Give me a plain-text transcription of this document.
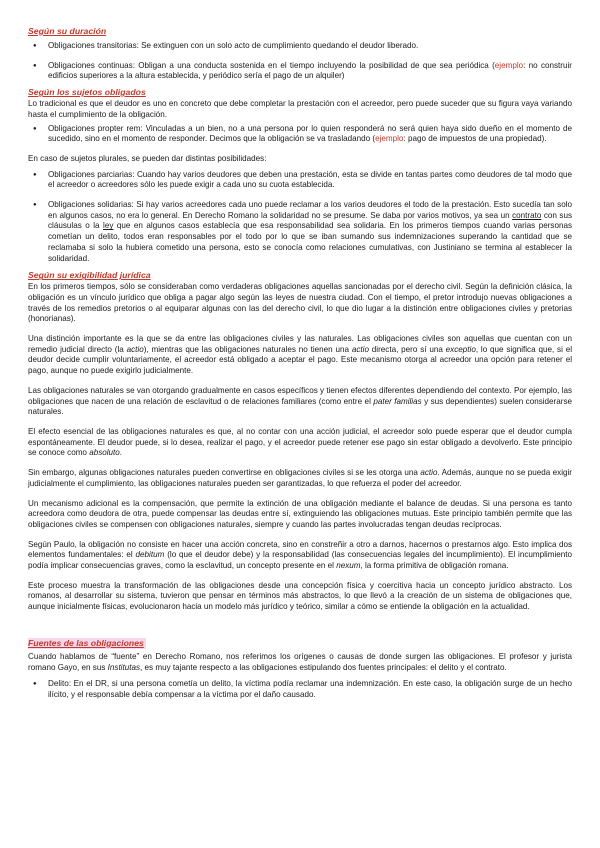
Según su duración
● Obligaciones transitorias: Se extinguen con un solo acto de cumplimiento quedando el deudor liberado.
● Obligaciones continuas: Obligan a una conducta sostenida en el tiempo incluyendo la posibilidad de que sea periódica (ejemplo: no construir edificios superiores a la altura establecida, y periódico sería el pago de un alquiler)
Según los sujetos obligados

Lo tradicional es que el deudor es uno en concreto que debe completar la prestación con el acreedor, pero puede suceder que su figura vaya variando hasta el cumplimiento de la obligación.

● Obligaciones propter rem: Vinculadas a un bien, no a una persona por lo quien responderá no será quien haya sido dueño en el momento de sucedido, sino en el momento de responder. Decimos que la obligación se va trasladando (ejemplo: pago de impuestos de una propiedad).

En caso de sujetos plurales, se pueden dar distintas posibilidades:

● Obligaciones parciarias: Cuando hay varios deudores que deben una prestación, esta se divide en tantas partes como deudores de tal modo que el acreedor o acreedores sólo les puede exigir a cada uno su cuota establecida.
● Obligaciones solidarias: Si hay varios acreedores cada uno puede reclamar a los varios deudores el todo de la prestación. Esto sucedía tan solo en algunos casos, no era lo general. En Derecho Romano la solidaridad no se presume. Se daba por varios motivos, ya sea un contrato con sus cláusulas o la ley que en algunos casos establecía que esa responsabilidad sea solidaria. En los primeros tiempos cuando varias personas cometían un delito, todos eran responsables por el todo por lo que se iban sumando sus indemnizaciones superando la cantidad que se reclamaba si solo la hubiera cometido una persona, esto se conocía como relaciones cumulativas, con Justiniano se termina al establecer la solidaridad.
Según su exigibilidad jurídica

En los primeros tiempos, sólo se consideraban como verdaderas obligaciones aquellas sancionadas por el derecho civil. Según la definición clásica, la obligación es un vínculo jurídico que obliga a pagar algo según las leyes de nuestra ciudad. Con el tiempo, el pretor introdujo nuevas obligaciones a través de los remedios pretorios o al equiparar algunas con las del derecho civil, lo que dio lugar a la distinción entre obligaciones civiles y pretorias (honorianas).

Una distinción importante es la que se da entre las obligaciones civiles y las naturales. Las obligaciones civiles son aquellas que cuentan con un remedio judicial directo (la actio), mientras que las obligaciones naturales no tienen una actio directa, pero sí una exceptio, lo que significa que, si el deudor decide cumplir voluntariamente, el acreedor está obligado a aceptar el pago. Este mecanismo otorga al acreedor una opción para retener el pago, aunque no puede exigirlo judicialmente.

Las obligaciones naturales se van otorgando gradualmente en casos específicos y tienen efectos diferentes dependiendo del contexto. Por ejemplo, las obligaciones que nacen de una relación de esclavitud o de relaciones familiares (como entre el pater familias y sus dependientes) suelen considerarse naturales.

El efecto esencial de las obligaciones naturales es que, al no contar con una acción judicial, el acreedor solo puede esperar que el deudor cumpla espontáneamente. El deudor puede, si lo desea, realizar el pago, y el acreedor puede retener ese pago sin estar obligado a devolverlo. Este principio se conoce como absoluto.

Sin embargo, algunas obligaciones naturales pueden convertirse en obligaciones civiles si se les otorga una actio. Además, aunque no se pueda exigir judicialmente el cumplimiento, las obligaciones naturales pueden ser garantizadas, lo que refuerza el poder del acreedor.

Un mecanismo adicional es la compensación, que permite la extinción de una obligación mediante el balance de deudas. Si una persona es tanto acreedora como deudora de otra, puede compensar las deudas entre sí, extinguiendo las obligaciones mutuas. Este principio también permite que las obligaciones civiles se compensen con obligaciones naturales, siempre y cuando las partes involucradas tengan deudas recíprocas.

Según Paulo, la obligación no consiste en hacer una acción concreta, sino en constreñir a otro a darnos, hacernos o prestarnos algo. Esto implica dos elementos fundamentales: el debitum (lo que el deudor debe) y la responsabilidad (las consecuencias legales del incumplimiento). El incumplimiento podía implicar consecuencias graves, como la esclavitud, un concepto presente en el nexum, la forma primitiva de obligación romana.

Este proceso muestra la transformación de las obligaciones desde una concepción física y coercitiva hacia un concepto jurídico abstracto. Los romanos, al desarrollar su sistema, tuvieron que pensar en términos más abstractos, lo que llevó a la creación de un sistema de obligaciones que, aunque inicialmente físicas, evolucionaron hacia un modelo más jurídico y teórico, similar a cómo se entiende la obligación en la actualidad.

Fuentes de las obligaciones

Cuando hablamos de “fuente” en Derecho Romano, nos referimos los orígenes o causas de donde surgen las obligaciones. El profesor y jurista romano Gayo, en sus Institutas, es muy tajante respecto a las obligaciones estipulando dos fuentes principales: el delito y el contrato.

● Delito: En el DR, si una persona cometía un delito, la víctima podía reclamar una indemnización. En este caso, la obligación surge de un hecho ilícito, y el responsable debía compensar a la víctima por el daño causado.
